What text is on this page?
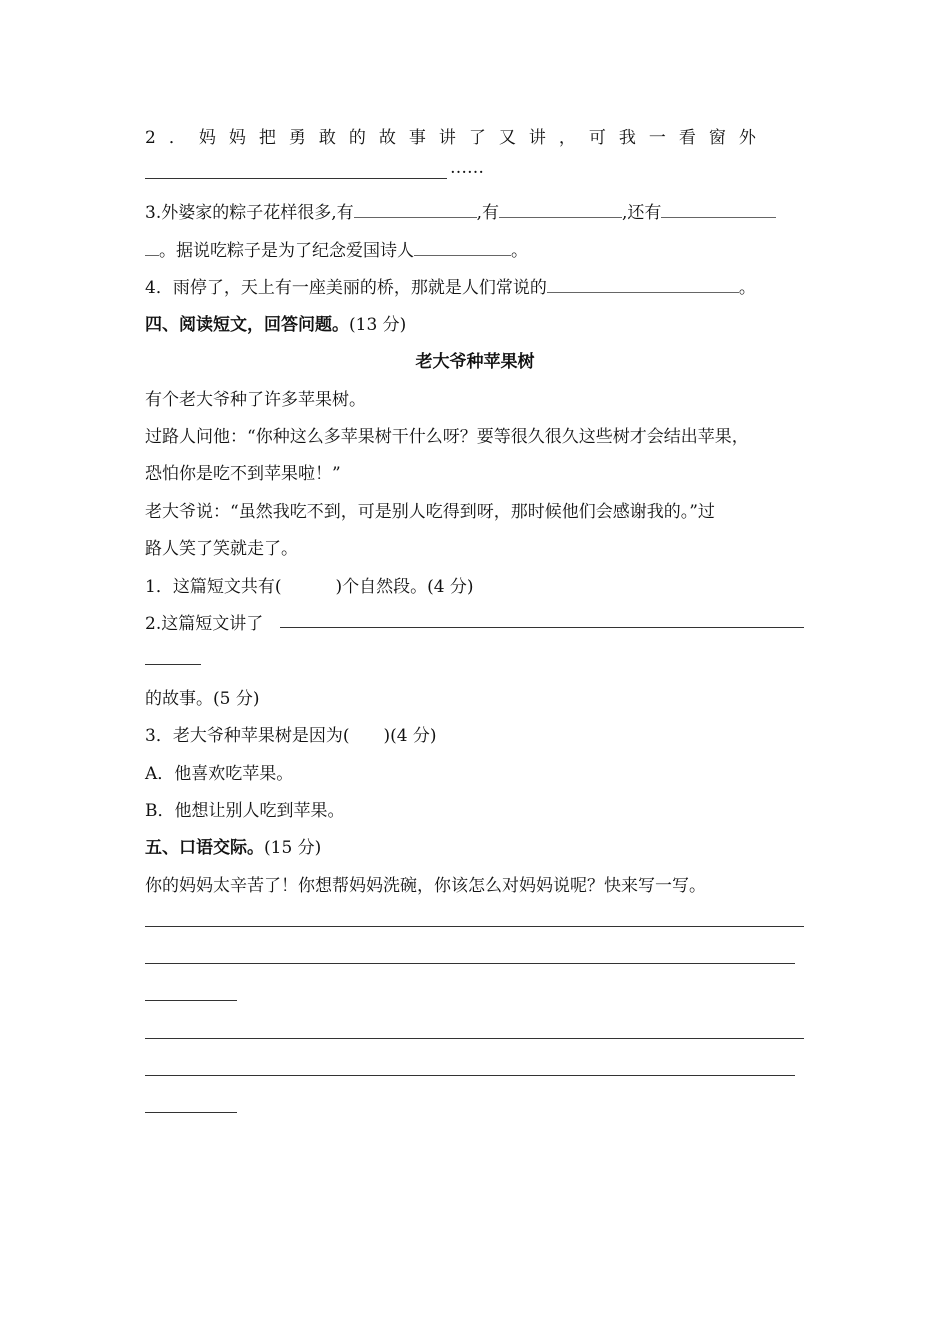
2．妈妈把勇敢的故事讲了又讲，可我一看窗外
……
3.外婆家的粽子花样很多,有	,有	,还有
。据说吃粽子是为了纪念爱国诗人	。
4．雨停了，天上有一座美丽的桥，那就是人们常说的	。
四、阅读短文，回答问题。(13 分)
老大爷种苹果树
有个老大爷种了许多苹果树。
过路人问他：“你种这么多苹果树干什么呀？要等很久很久这些树才会结出苹果，
恐怕你是吃不到苹果啦！”
老大爷说：“虽然我吃不到，可是别人吃得到呀，那时候他们会感谢我的。”过
路人笑了笑就走了。
1．这篇短文共有(	)个自然段。(4 分)
2.这篇短文讲了
的故事。(5 分)
3．老大爷种苹果树是因为(　　)(4 分)
A．他喜欢吃苹果。
B．他想让别人吃到苹果。
五、口语交际。(15 分)
你的妈妈太辛苦了！你想帮妈妈洗碗，你该怎么对妈妈说呢？快来写一写。
